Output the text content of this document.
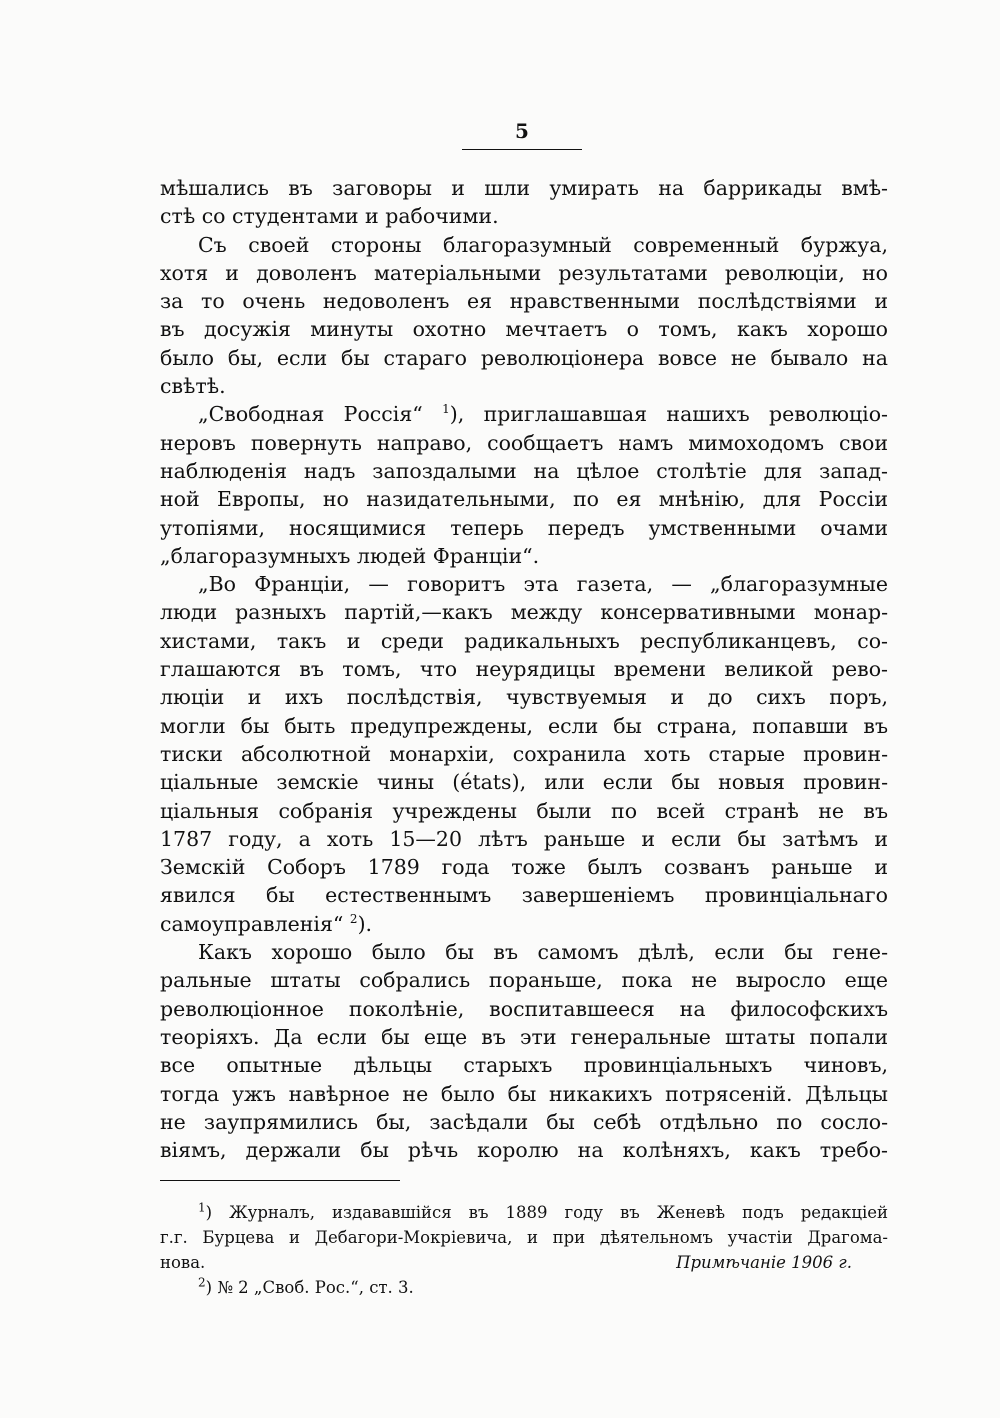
5
мѣшались въ заговоры и шли умирать на баррикады вмѣ-
стѣ со студентами и рабочими.
Съ своей стороны благоразумный современный буржуа,
хотя и доволенъ матеріальными результатами революціи, но
за то очень недоволенъ ея нравственными послѣдствіями и
въ досужія минуты охотно мечтаетъ о томъ, какъ хорошо
было бы, если бы стараго революціонера вовсе не бывало на
свѣтѣ.
„Свободная Россія“ $^1$), приглашавшая нашихъ революціо-
неровъ повернуть направо, сообщаетъ намъ мимоходомъ свои
наблюденія надъ запоздалыми на цѣлое столѣтіе для запад-
ной Европы, но назидательными, по ея мнѣнію, для Россіи
утопіями, носящимися теперь передъ умственными очами
„благоразумныхъ людей Франціи“.
„Во Франціи, — говоритъ эта газета, — „благоразумные
люди разныхъ партій,—какъ между консервативными монар-
хистами, такъ и среди радикальныхъ республиканцевъ, со-
глашаются въ томъ, что неурядицы времени великой рево-
люціи и ихъ послѣдствія, чувствуемыя и до сихъ поръ,
могли бы быть предупреждены, если бы страна, попавши въ
тиски абсолютной монархіи, сохранила хоть старые провин-
ціальные земскіе чины (états), или если бы новыя провин-
ціальныя собранія учреждены были по всей странѣ не въ
1787 году, а хоть 15—20 лѣтъ раньше и если бы затѣмъ и
Земскій Соборъ 1789 года тоже былъ созванъ раньше и
явился бы естественнымъ завершеніемъ провинціальнаго
самоуправленія“ $^2$).
Какъ хорошо было бы въ самомъ дѣлѣ, если бы гене-
ральные штаты собрались пораньше, пока не выросло еще
революціонное поколѣніе, воспитавшееся на философскихъ
теоріяхъ. Да если бы еще въ эти генеральные штаты попали
все опытные дѣльцы старыхъ провинціальныхъ чиновъ,
тогда ужъ навѣрное не было бы никакихъ потрясеній. Дѣльцы
не заупрямились бы, засѣдали бы себѣ отдѣльно по сосло-
віямъ, держали бы рѣчь королю на колѣняхъ, какъ требо-
$^1$) Журналъ, издававшійся въ 1889 году въ Женевѣ подъ редакціей
г.г. Бурцева и Дебагори-Мокріевича, и при дѣятельномъ участіи Драгома-
нова.	Примѣчаніе 1906 г.
$^2$) № 2 „Своб. Рос.“, ст. 3.
